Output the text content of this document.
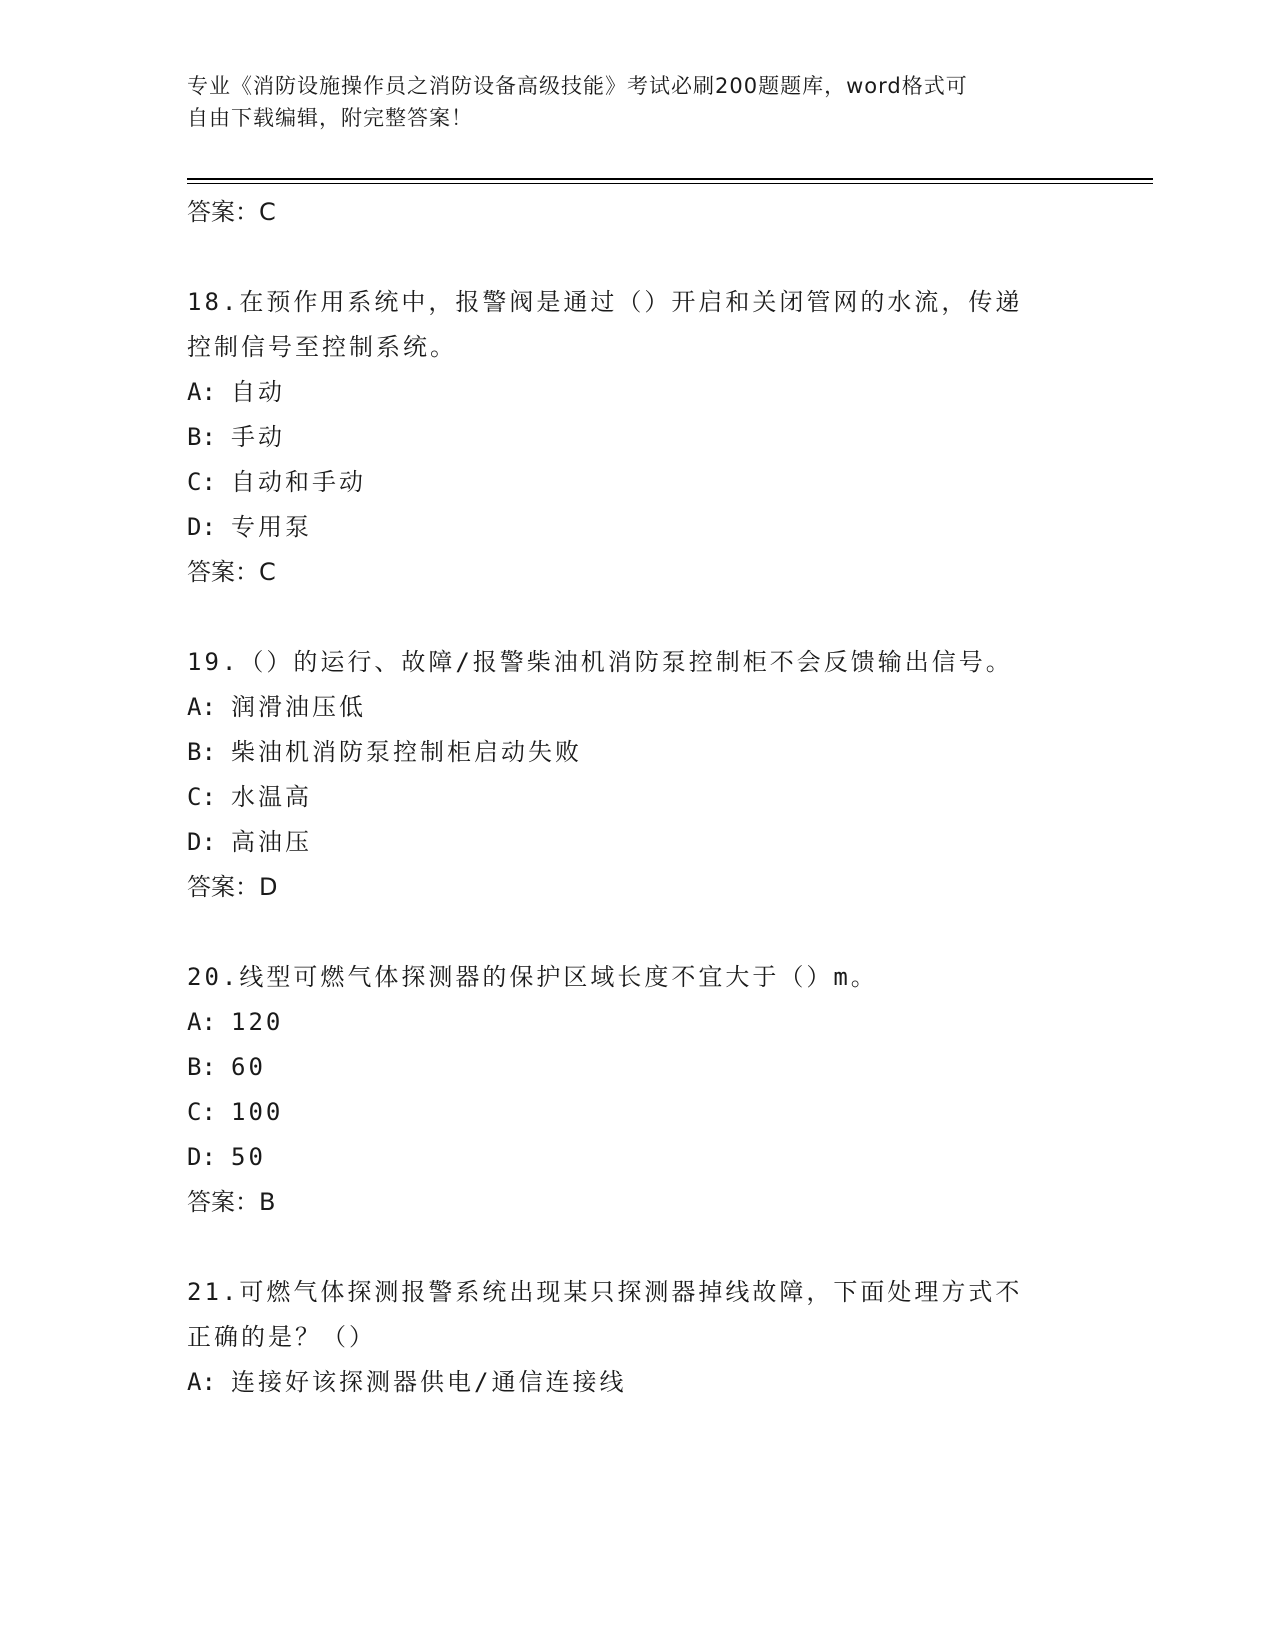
专业《消防设施操作员之消防设备高级技能》考试必刷200题题库，word格式可
自由下载编辑，附完整答案！
答案：C
18.在预作用系统中，报警阀是通过（）开启和关闭管网的水流，传递
控制信号至控制系统。
A: 自动
B: 手动
C: 自动和手动
D: 专用泵
答案：C
19.（）的运行、故障/报警柴油机消防泵控制柜不会反馈输出信号。
A: 润滑油压低
B: 柴油机消防泵控制柜启动失败
C: 水温高
D: 高油压
答案：D
20.线型可燃气体探测器的保护区域长度不宜大于（）m。
A: 120
B: 60
C: 100
D: 50
答案：B
21.可燃气体探测报警系统出现某只探测器掉线故障，下面处理方式不
正确的是？（）
A: 连接好该探测器供电/通信连接线
